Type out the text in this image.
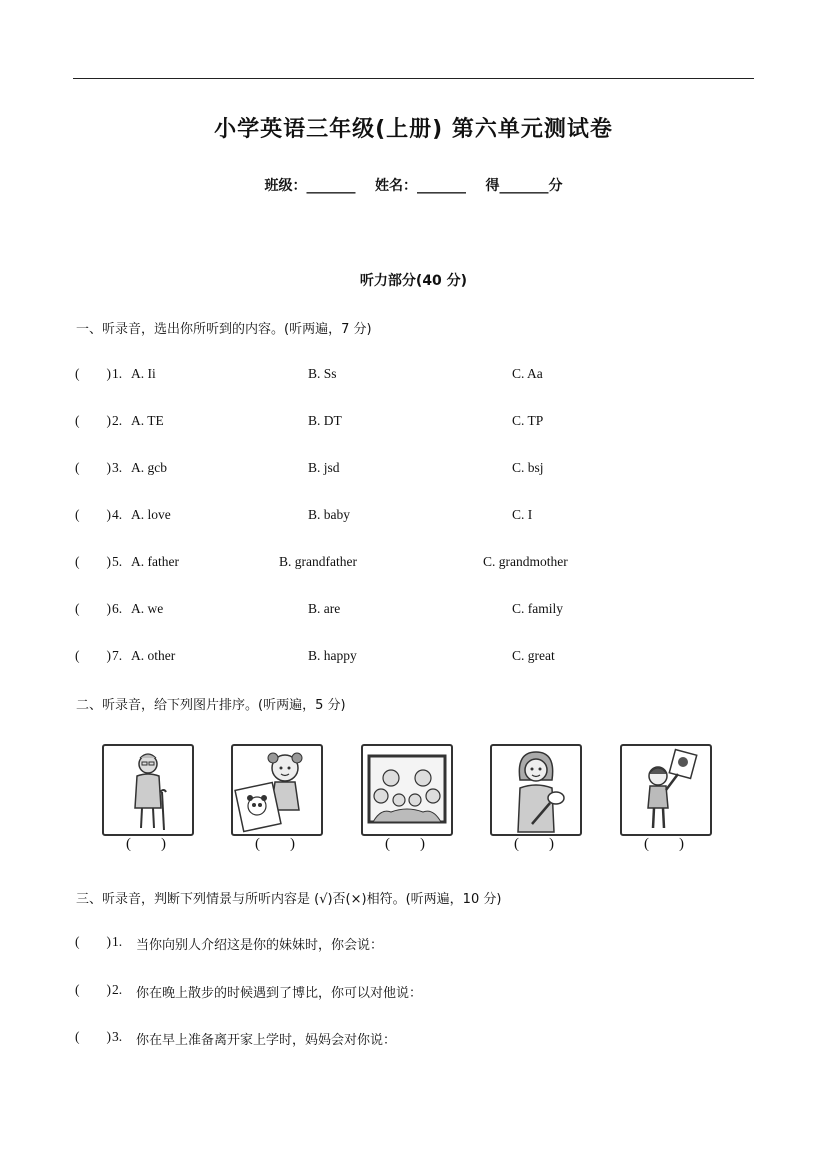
小学英语三年级(上册) 第六单元测试卷
班级：_______    姓名：_______    得_______分
听力部分(40 分)
一、听录音，选出你所听到的内容。(听两遍，7 分)
(        ) 1. A. Ii	B. Ss	C. Aa
(        ) 2. A. TE	B. DT	C. TP
(        ) 3. A. gcb	B. jsd	C. bsj
(        ) 4. A. love	B. baby	C. I
(        ) 5. A. father	B. grandfather	C. grandmother
(        ) 6. A. we	B. are	C. family
(        ) 7. A. other	B. happy	C. great
二、听录音，给下列图片排序。(听两遍，5 分)
(        )	(        )	(        )	(        )	(        )
三、听录音，判断下列情景与所听内容是 (√)否(×)相符。(听两遍，10 分)
(        ) 1. 当你向别人介绍这是你的妹妹时，你会说：
(        ) 2. 你在晚上散步的时候遇到了博比，你可以对他说：
(        ) 3. 你在早上准备离开家上学时，妈妈会对你说：
